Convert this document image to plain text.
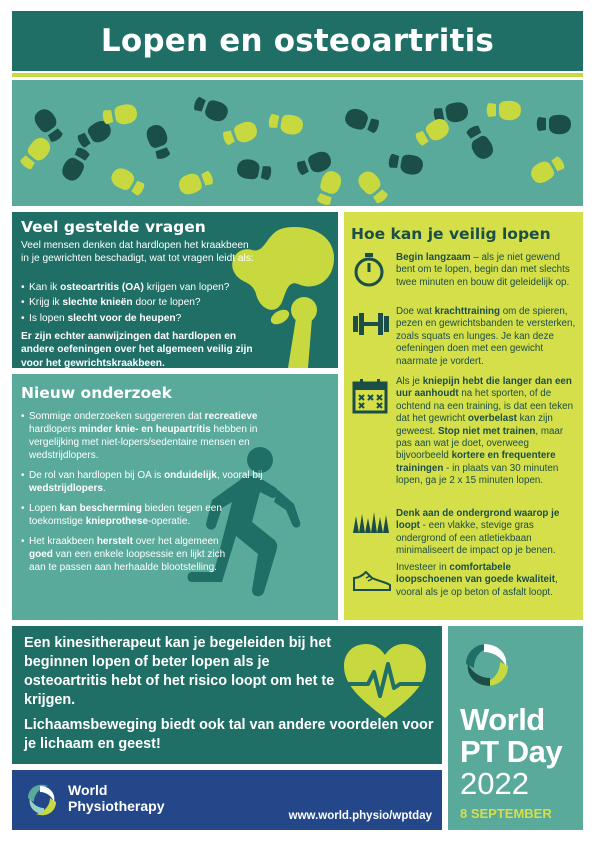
Lopen en osteoartritis
Veel gestelde vragen

Veel mensen denken dat hardlopen het kraakbeen in je gewrichten beschadigt, wat tot vragen leidt als:

• Kan ik osteoartritis (OA) krijgen van lopen?
• Krijg ik slechte knieën door te lopen?
• Is lopen slecht voor de heupen?

Er zijn echter aanwijzingen dat hardlopen en andere oefeningen over het algemeen veilig zijn voor het gewrichtskraakbeen.

Nieuw onderzoek
• Sommige onderzoeken suggereren dat recreatieve hardlopers minder knie- en heupartritis hebben in vergelijking met niet-lopers/sedentaire mensen en wedstrijdlopers.
• De rol van hardlopen bij OA is onduidelijk, vooral bij wedstrijdlopers.
• Lopen kan bescherming bieden tegen een toekomstige knieprothese-operatie.
• Het kraakbeen herstelt over het algemeen goed van een enkele loopsessie en lijkt zich aan te passen aan herhaalde blootstelling.
Hoe kan je veilig lopen
Begin langzaam – als je niet gewend bent om te lopen, begin dan met slechts twee minuten en bouw dit geleidelijk op.
Doe wat krachttraining om de spieren, pezen en gewrichtsbanden te versterken, zoals squats en lunges. Je kan deze oefeningen doen met een gewicht naarmate je vordert.
Als je kniepijn hebt die langer dan een uur aanhoudt na het sporten, of de ochtend na een training, is dat een teken dat het gewricht overbelast kan zijn geweest. Stop niet met trainen, maar pas aan wat je doet, overweeg bijvoorbeeld kortere en frequentere trainingen - in plaats van 30 minuten lopen, ga je 2 x 15 minuten lopen.
Denk aan de ondergrond waarop je loopt - een vlakke, stevige gras ondergrond of een atletiekbaan minimaliseert de impact op je benen.
Investeer in comfortabele loopschoenen van goede kwaliteit, vooral als je op beton of asfalt loopt.

Een kinesitherapeut kan je begeleiden bij het beginnen lopen of beter lopen als je osteoartritis hebt of het risico loopt om het te krijgen.

Lichaamsbeweging biedt ook tal van andere voordelen voor je lichaam en geest!

World
Physiotherapy
www.world.physio/wptday
World
PT Day
2022
8 SEPTEMBER
